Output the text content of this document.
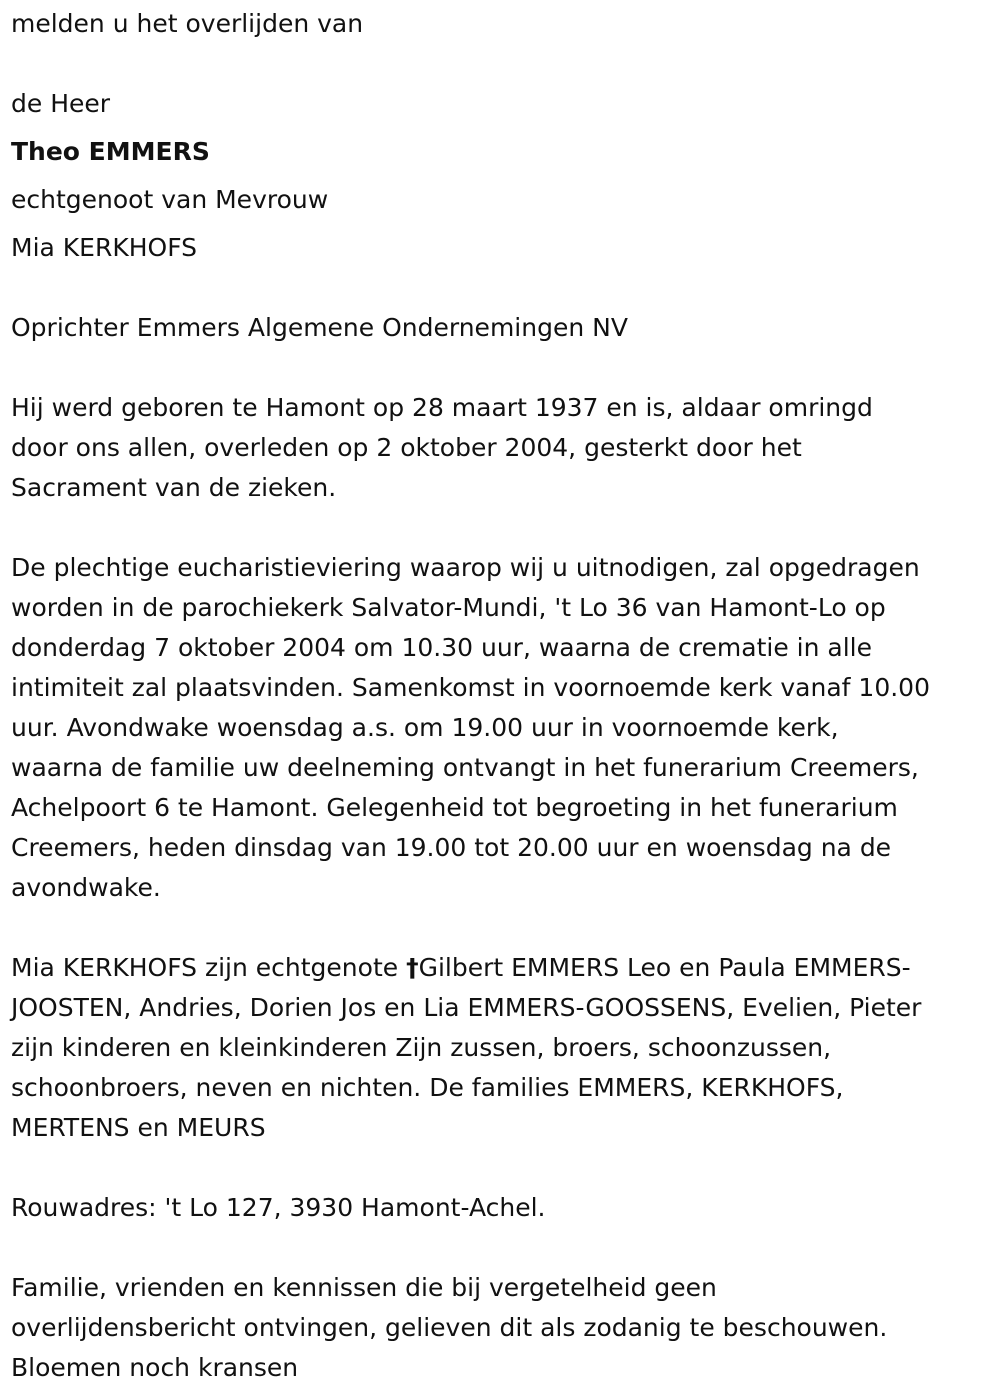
melden u het overlijden van
de Heer
Theo EMMERS
echtgenoot van Mevrouw
Mia KERKHOFS
Oprichter Emmers Algemene Ondernemingen NV
Hij werd geboren te Hamont op 28 maart 1937 en is, aldaar omringd
door ons allen, overleden op 2 oktober 2004, gesterkt door het
Sacrament van de zieken.
De plechtige eucharistieviering waarop wij u uitnodigen, zal opgedragen
worden in de parochiekerk Salvator-Mundi, 't Lo 36 van Hamont-Lo op
donderdag 7 oktober 2004 om 10.30 uur, waarna de crematie in alle
intimiteit zal plaatsvinden. Samenkomst in voornoemde kerk vanaf 10.00
uur. Avondwake woensdag a.s. om 19.00 uur in voornoemde kerk,
waarna de familie uw deelneming ontvangt in het funerarium Creemers,
Achelpoort 6 te Hamont. Gelegenheid tot begroeting in het funerarium
Creemers, heden dinsdag van 19.00 tot 20.00 uur en woensdag na de
avondwake.
Mia KERKHOFS zijn echtgenote †Gilbert EMMERS Leo en Paula EMMERS-
JOOSTEN, Andries, Dorien Jos en Lia EMMERS-GOOSSENS, Evelien, Pieter
zijn kinderen en kleinkinderen Zijn zussen, broers, schoonzussen,
schoonbroers, neven en nichten. De families EMMERS, KERKHOFS,
MERTENS en MEURS
Rouwadres: 't Lo 127, 3930 Hamont-Achel.
Familie, vrienden en kennissen die bij vergetelheid geen
overlijdensbericht ontvingen, gelieven dit als zodanig te beschouwen.
Bloemen noch kransen
